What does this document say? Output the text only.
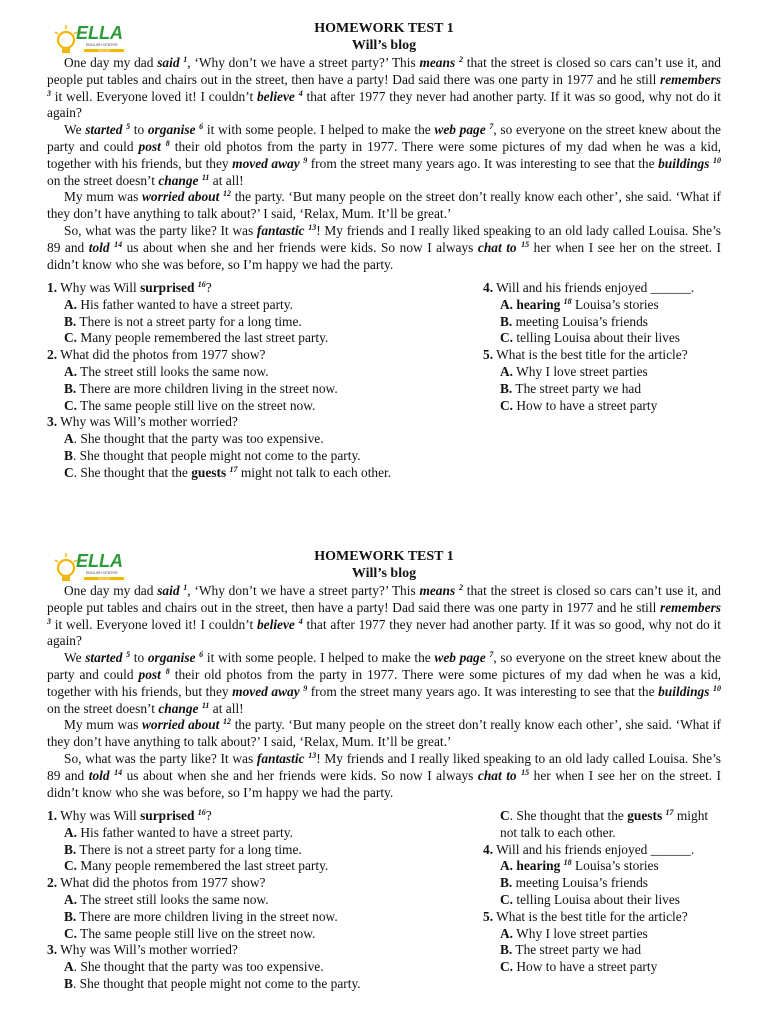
ELLA
ENGLISH CENTER
ENGLISH
HOMEWORK TEST 1
Will’s blog

One day my dad said $^1$, ‘Why don’t we have a street party?’ This means $^2$ that the street is closed so cars can’t use it, and people put tables and chairs out in the street, then have a party! Dad said there was one party in 1977 and he still remembers $^3$ it well. Everyone loved it! I couldn’t believe $^4$ that after 1977 they never had another party. If it was so good, why not do it again?

We started $^5$ to organise $^6$ it with some people. I helped to make the web page $^7$, so everyone on the street knew about the party and could post $^8$ their old photos from the party in 1977. There were some pictures of my dad when he was a kid, together with his friends, but they moved away $^9$ from the street many years ago. It was interesting to see that the buildings $^{10}$ on the street doesn’t change $^{11}$ at all!

My mum was worried about $^{12}$ the party. ‘But many people on the street don’t really know each other’, she said. ‘What if they don’t have anything to talk about?’ I said, ‘Relax, Mum. It’ll be great.’

So, what was the party like? It was fantastic $^{13}$! My friends and I really liked speaking to an old lady called Louisa. She’s 89 and told $^{14}$ us about when she and her friends were kids. So now I always chat to $^{15}$ her when I see her on the street. I didn’t know who she was before, so I’m happy we had the party.

1. Why was Will surprised $^{16}$?
A. His father wanted to have a street party.
B. There is not a street party for a long time.
C. Many people remembered the last street party.
2. What did the photos from 1977 show?
A. The street still looks the same now.
B. There are more children living in the street now.
C. The same people still live on the street now.
3. Why was Will’s mother worried?
A. She thought that the party was too expensive.
B. She thought that people might not come to the party.
C. She thought that the guests $^{17}$ might not talk to each other.
4. Will and his friends enjoyed ______.
A. hearing $^{18}$ Louisa’s stories
B. meeting Louisa’s friends
C. telling Louisa about their lives
5. What is the best title for the article?
A. Why I love street parties
B. The street party we had
C. How to have a street party
ELLA
ENGLISH CENTER
ENGLISH
HOMEWORK TEST 1
Will’s blog

One day my dad said $^1$, ‘Why don’t we have a street party?’ This means $^2$ that the street is closed so cars can’t use it, and people put tables and chairs out in the street, then have a party! Dad said there was one party in 1977 and he still remembers $^3$ it well. Everyone loved it! I couldn’t believe $^4$ that after 1977 they never had another party. If it was so good, why not do it again?

We started $^5$ to organise $^6$ it with some people. I helped to make the web page $^7$, so everyone on the street knew about the party and could post $^8$ their old photos from the party in 1977. There were some pictures of my dad when he was a kid, together with his friends, but they moved away $^9$ from the street many years ago. It was interesting to see that the buildings $^{10}$ on the street doesn’t change $^{11}$ at all!

My mum was worried about $^{12}$ the party. ‘But many people on the street don’t really know each other’, she said. ‘What if they don’t have anything to talk about?’ I said, ‘Relax, Mum. It’ll be great.’

So, what was the party like? It was fantastic $^{13}$! My friends and I really liked speaking to an old lady called Louisa. She’s 89 and told $^{14}$ us about when she and her friends were kids. So now I always chat to $^{15}$ her when I see her on the street. I didn’t know who she was before, so I’m happy we had the party.

1. Why was Will surprised $^{16}$?
A. His father wanted to have a street party.
B. There is not a street party for a long time.
C. Many people remembered the last street party.
2. What did the photos from 1977 show?
A. The street still looks the same now.
B. There are more children living in the street now.
C. The same people still live on the street now.
3. Why was Will’s mother worried?
A. She thought that the party was too expensive.
B. She thought that people might not come to the party.
C. She thought that the guests $^{17}$ might not talk to each other.
4. Will and his friends enjoyed ______.
A. hearing $^{18}$ Louisa’s stories
B. meeting Louisa’s friends
C. telling Louisa about their lives
5. What is the best title for the article?
A. Why I love street parties
B. The street party we had
C. How to have a street party
